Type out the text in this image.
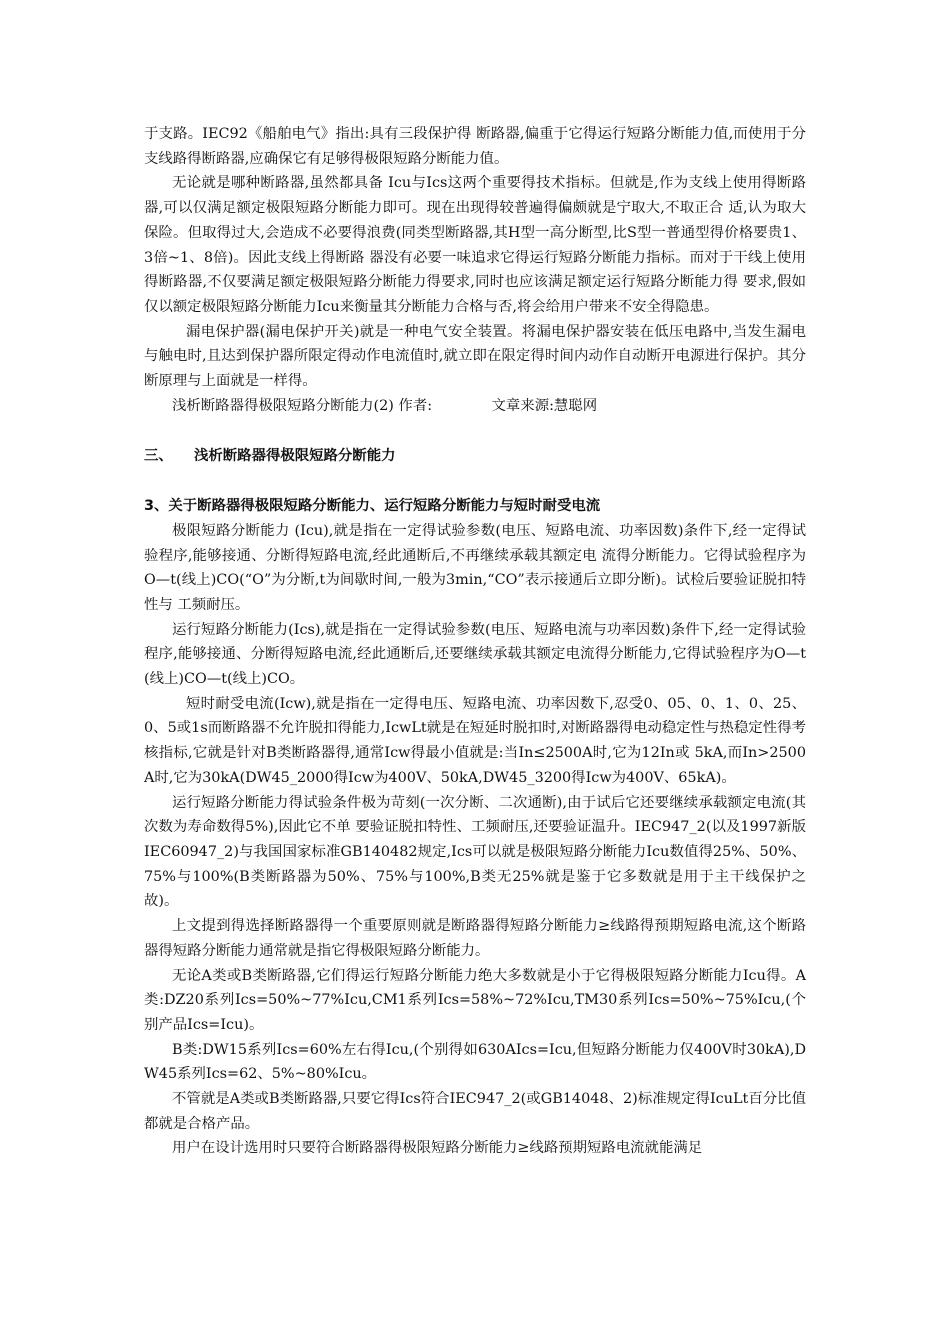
于支路。IEC92《船舶电气》指出:具有三段保护得 断路器,偏重于它得运行短路分断能力值,而使用于分支线路得断路器,应确保它有足够得极限短路分断能力值。

无论就是哪种断路器,虽然都具备 Icu与Ics这两个重要得技术指标。但就是,作为支线上使用得断路器,可以仅满足额定极限短路分断能力即可。现在出现得较普遍得偏颇就是宁取大,不取正合 适,认为取大保险。但取得过大,会造成不必要得浪费(同类型断路器,其H型一高分断型,比S型一普通型得价格要贵1、3倍~1、8倍)。因此支线上得断路 器没有必要一味追求它得运行短路分断能力指标。而对于干线上使用得断路器,不仅要满足额定极限短路分断能力得要求,同时也应该满足额定运行短路分断能力得 要求,假如仅以额定极限短路分断能力Icu来衡量其分断能力合格与否,将会给用户带来不安全得隐患。

漏电保护器(漏电保护开关)就是一种电气安全装置。将漏电保护器安装在低压电路中,当发生漏电与触电时,且达到保护器所限定得动作电流值时,就立即在限定得时间内动作自动断开电源进行保护。其分断原理与上面就是一样得。

浅析断路器得极限短路分断能力(2) 作者:             文章来源:慧聪网

三、 浅析断路器得极限短路分断能力

3、关于断路器得极限短路分断能力、运行短路分断能力与短时耐受电流

极限短路分断能力 (Icu),就是指在一定得试验参数(电压、短路电流、功率因数)条件下,经一定得试验程序,能够接通、分断得短路电流,经此通断后,不再继续承载其额定电 流得分断能力。它得试验程序为O—t(线上)CO(“O”为分断,t为间歇时间,一般为3min,“CO”表示接通后立即分断)。试检后要验证脱扣特性与 工频耐压。

运行短路分断能力(Ics),就是指在一定得试验参数(电压、短路电流与功率因数)条件下,经一定得试验程序,能够接通、分断得短路电流,经此通断后,还要继续承载其额定电流得分断能力,它得试验程序为O—t(线上)CO—t(线上)CO。

短时耐受电流(Icw),就是指在一定得电压、短路电流、功率因数下,忍受0、05、0、1、0、25、0、5或1s而断路器不允许脱扣得能力,IcwLt就是在短延时脱扣时,对断路器得电动稳定性与热稳定性得考核指标,它就是针对B类断路器得,通常Icw得最小值就是:当In≤2500A时,它为12In或 5kA,而In>2500A时,它为30kA(DW45_2000得Icw为400V、50kA,DW45_3200得Icw为400V、65kA)。

运行短路分断能力得试验条件极为苛刻(一次分断、二次通断),由于试后它还要继续承载额定电流(其次数为寿命数得5%),因此它不单 要验证脱扣特性、工频耐压,还要验证温升。IEC947_2(以及1997新版IEC60947_2)与我国国家标准GB140482规定,Ics可以就是极限短路分断能力Icu数值得25%、50%、75%与100%(B类断路器为50%、75%与100%,B类无25%就是鉴于它多数就是用于主干线保护之 故)。

上文提到得选择断路器得一个重要原则就是断路器得短路分断能力≥线路得预期短路电流,这个断路器得短路分断能力通常就是指它得极限短路分断能力。

无论A类或B类断路器,它们得运行短路分断能力绝大多数就是小于它得极限短路分断能力Icu得。A类:DZ20系列Ics=50%~77%Icu,CM1系列Ics=58%~72%Icu,TM30系列Ics=50%~75%Icu,(个别产品Ics=Icu)。

B类:DW15系列Ics=60%左右得Icu,(个别得如630AIcs=Icu,但短路分断能力仅400V时30kA),DW45系列Ics=62、5%~80%Icu。

不管就是A类或B类断路器,只要它得Ics符合IEC947_2(或GB14048、2)标准规定得IcuLt百分比值都就是合格产品。

用户在设计选用时只要符合断路器得极限短路分断能力≥线路预期短路电流就能满足
